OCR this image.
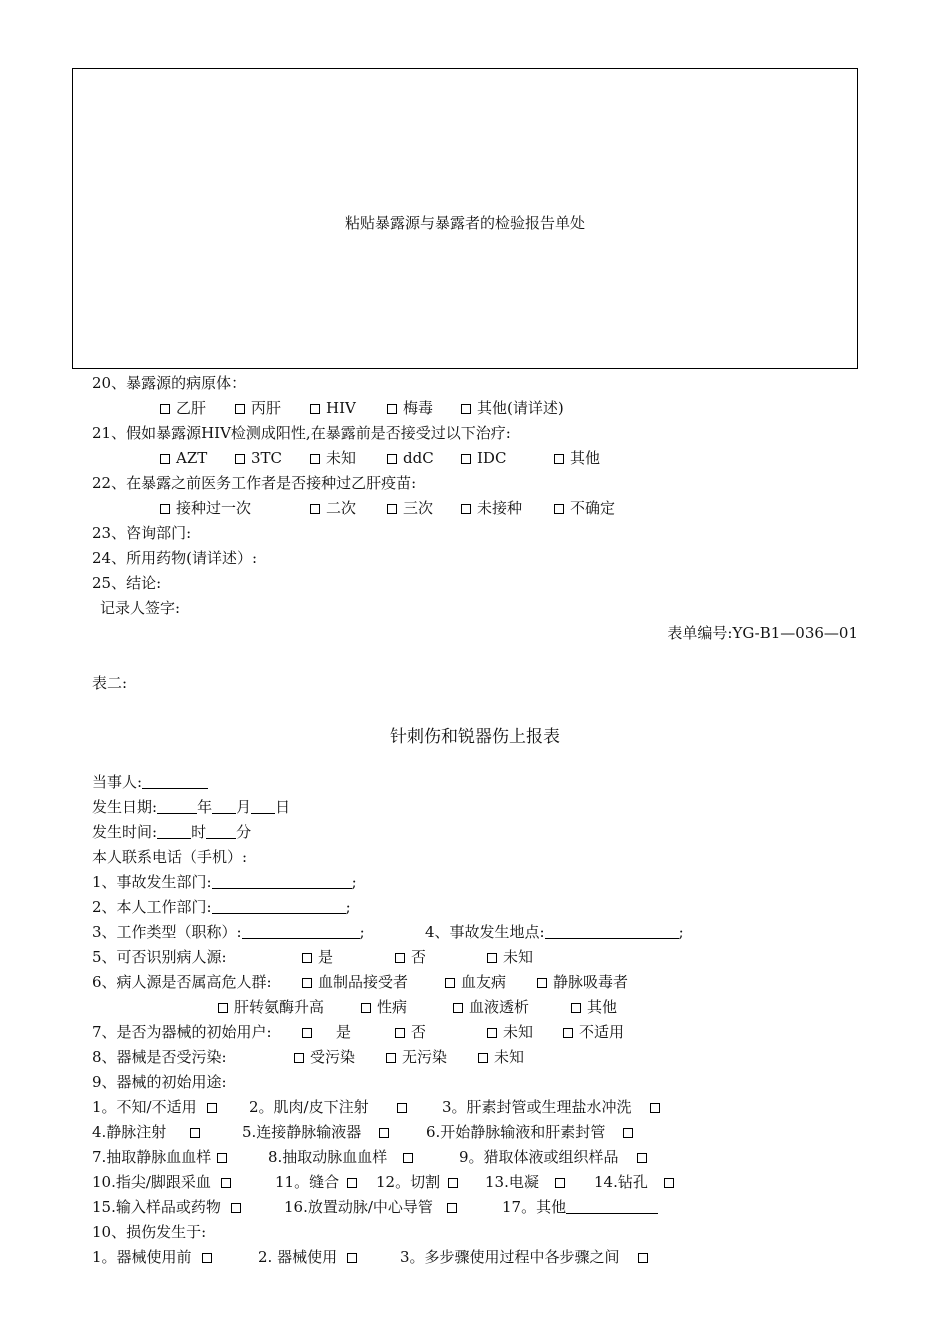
粘贴暴露源与暴露者的检验报告单处
20、暴露源的病原体：
乙肝	丙肝	HIV	梅毒	其他(请详述)
21、假如暴露源HIV检测成阳性,在暴露前是否接受过以下治疗:
AZT	3TC	未知	ddC	IDC	其他
22、在暴露之前医务工作者是否接种过乙肝疫苗:
接种过一次	二次	三次	未接种	不确定
23、咨询部门:
24、所用药物(请详述）:
25、结论:
记录人签字:
表单编号:YG-B1—036—01
表二:
针刺伤和锐器伤上报表
当事人:
发生日期:	年 月 日
发生时间: 时 分
本人联系电话（手机）:
1、事故发生部门:	;
2、本人工作部门:	;
3、工作类型（职称）:	;	4、事故发生地点:	;
5、可否识别病人源:	是	否	未知
6、病人源是否属高危人群:	血制品接受者	血友病	静脉吸毒者
肝转氨酶升高	性病	血液透析	其他
7、是否为器械的初始用户:	是	否	未知	不适用
8、器械是否受污染:	受污染	无污染	未知
9、器械的初始用途:
1。不知/不适用	2。肌肉/皮下注射	3。肝素封管或生理盐水冲洗
4.静脉注射	5.连接静脉输液器	6.开始静脉输液和肝素封管
7.抽取静脉血血样	8.抽取动脉血血样	9。猎取体液或组织样品
10.指尖/脚跟采血	11。缝合	12。切割	13.电凝	14.钻孔
15.输入样品或药物	16.放置动脉/中心导管	17。其他
10、损伤发生于:
1。器械使用前	2. 器械使用	3。多步骤使用过程中各步骤之间
